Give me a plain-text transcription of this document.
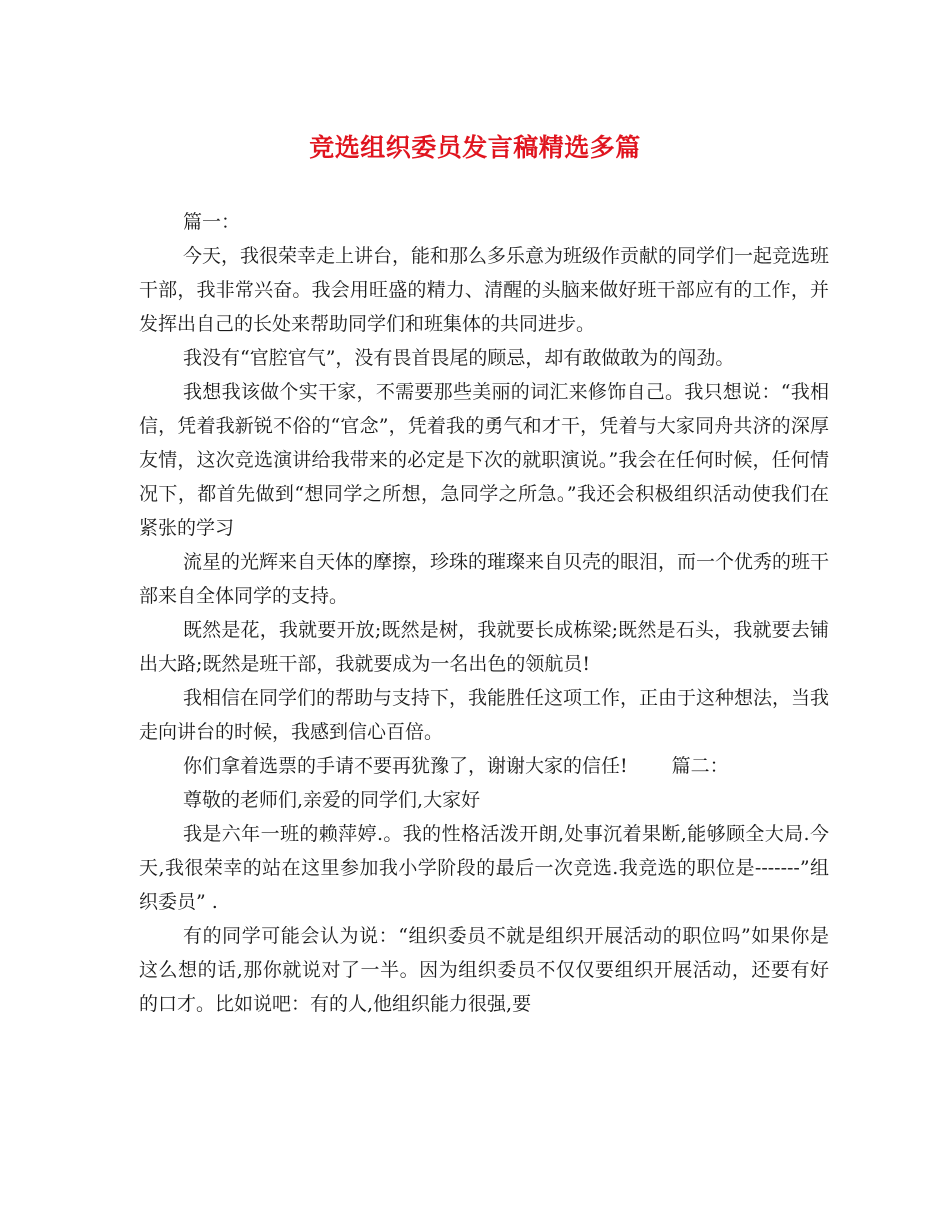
竞选组织委员发言稿精选多篇

篇一：

今天，我很荣幸走上讲台，能和那么多乐意为班级作贡献的同学们一起竞选班干部，我非常兴奋。我会用旺盛的精力、清醒的头脑来做好班干部应有的工作，并发挥出自己的长处来帮助同学们和班集体的共同进步。

我没有“官腔官气”，没有畏首畏尾的顾忌，却有敢做敢为的闯劲。

我想我该做个实干家，不需要那些美丽的词汇来修饰自己。我只想说：“我相信，凭着我新锐不俗的“官念”，凭着我的勇气和才干，凭着与大家同舟共济的深厚友情，这次竞选演讲给我带来的必定是下次的就职演说。”我会在任何时候，任何情况下，都首先做到“想同学之所想，急同学之所急。”我还会积极组织活动使我们在紧张的学习

流星的光辉来自天体的摩擦，珍珠的璀璨来自贝壳的眼泪，而一个优秀的班干部来自全体同学的支持。

既然是花，我就要开放;既然是树，我就要长成栋梁;既然是石头，我就要去铺出大路;既然是班干部，我就要成为一名出色的领航员!

我相信在同学们的帮助与支持下，我能胜任这项工作，正由于这种想法，当我走向讲台的时候，我感到信心百倍。

你们拿着选票的手请不要再犹豫了，谢谢大家的信任! 篇二：

尊敬的老师们,亲爱的同学们,大家好

我是六年一班的赖萍婷.。我的性格活泼开朗,处事沉着果断,能够顾全大局.今天,我很荣幸的站在这里参加我小学阶段的最后一次竞选.我竞选的职位是-------”组织委员” .

有的同学可能会认为说：“组织委员不就是组织开展活动的职位吗”如果你是这么想的话,那你就说对了一半。因为组织委员不仅仅要组织开展活动，还要有好的口才。比如说吧：有的人,他组织能力很强,要
